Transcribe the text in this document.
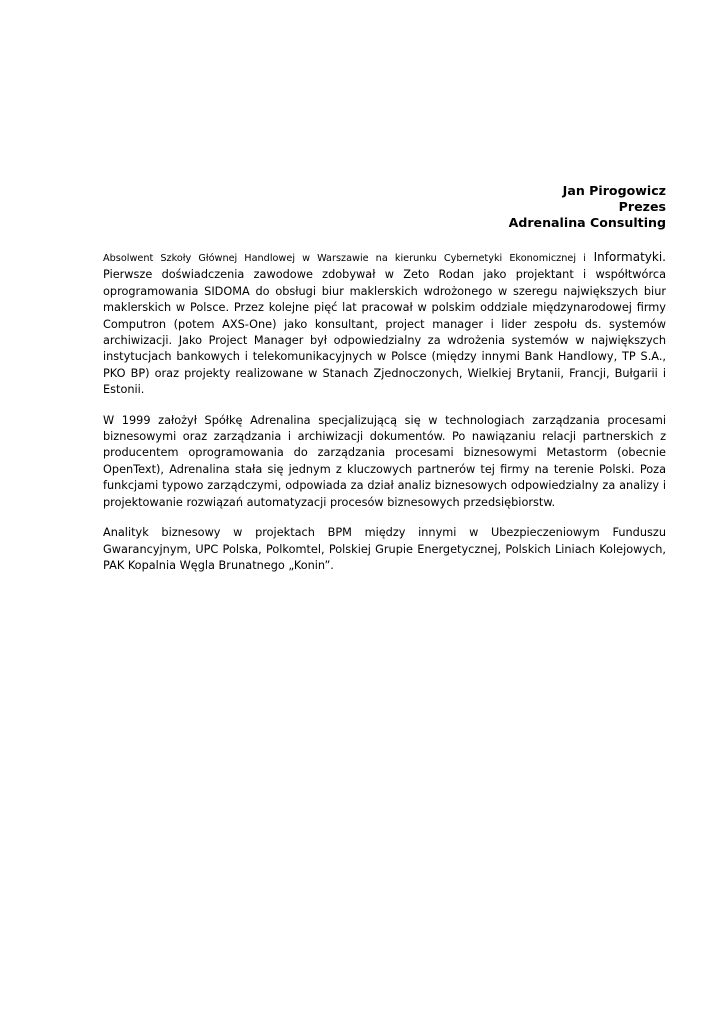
Jan Pirogowicz
Prezes
Adrenalina Consulting

Absolwent Szkoły Głównej Handlowej w Warszawie na kierunku Cybernetyki Ekonomicznej i Informatyki. Pierwsze doświadczenia zawodowe zdobywał w Zeto Rodan jako projektant i współtwórca oprogramowania SIDOMA do obsługi biur maklerskich wdrożonego w szeregu największych biur maklerskich w Polsce. Przez kolejne pięć lat pracował w polskim oddziale międzynarodowej firmy Computron (potem AXS-One) jako konsultant, project manager i lider zespołu ds. systemów archiwizacji. Jako Project Manager był odpowiedzialny za wdrożenia systemów w największych instytucjach bankowych i telekomunikacyjnych w Polsce (między innymi Bank Handlowy, TP S.A., PKO BP) oraz projekty realizowane w Stanach Zjednoczonych, Wielkiej Brytanii, Francji, Bułgarii i Estonii.

W 1999 założył Spółkę Adrenalina specjalizującą się w technologiach zarządzania procesami biznesowymi oraz zarządzania i archiwizacji dokumentów. Po nawiązaniu relacji partnerskich z producentem oprogramowania do zarządzania procesami biznesowymi Metastorm (obecnie OpenText), Adrenalina stała się jednym z kluczowych partnerów tej firmy na terenie Polski. Poza funkcjami typowo zarządczymi, odpowiada za dział analiz biznesowych odpowiedzialny za analizy i projektowanie rozwiązań automatyzacji procesów biznesowych przedsiębiorstw.

Analityk biznesowy w projektach BPM między innymi w Ubezpieczeniowym Funduszu Gwarancyjnym, UPC Polska, Polkomtel, Polskiej Grupie Energetycznej, Polskich Liniach Kolejowych, PAK Kopalnia Węgla Brunatnego „Konin”.
